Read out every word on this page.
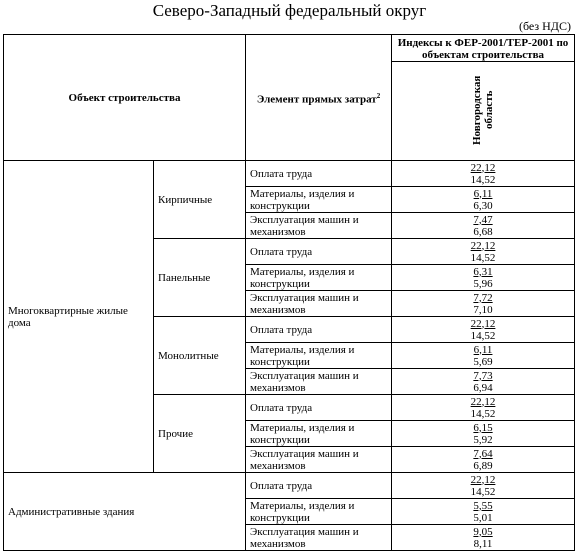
Северо-Западный федеральный округ
(без НДС)
Объект строительства		Элемент прямых затрат$^2$	Индексы к ФЕР-2001/ТЕР-2001 по объектам строительства
			Новгородская область
Многоквартирные жилые дома	Кирпичные	Оплата труда	22,12
14,52

		Материалы, изделия и конструкции	6,11
6,30

		Эксплуатация машин и механизмов	7,47
6,68

	Панельные	Оплата труда	22,12
14,52

		Материалы, изделия и конструкции	6,31
5,96

		Эксплуатация машин и механизмов	7,72
7,10

	Монолитные	Оплата труда	22,12
14,52

		Материалы, изделия и конструкции	6,11
5,69

		Эксплуатация машин и механизмов	7,73
6,94

	Прочие	Оплата труда	22,12
14,52

		Материалы, изделия и конструкции	6,15
5,92

		Эксплуатация машин и механизмов	7,64
6,89

Административные здания		Оплата труда	22,12
14,52

		Материалы, изделия и конструкции	5,55
5,01

		Эксплуатация машин и механизмов	9,05
8,11
